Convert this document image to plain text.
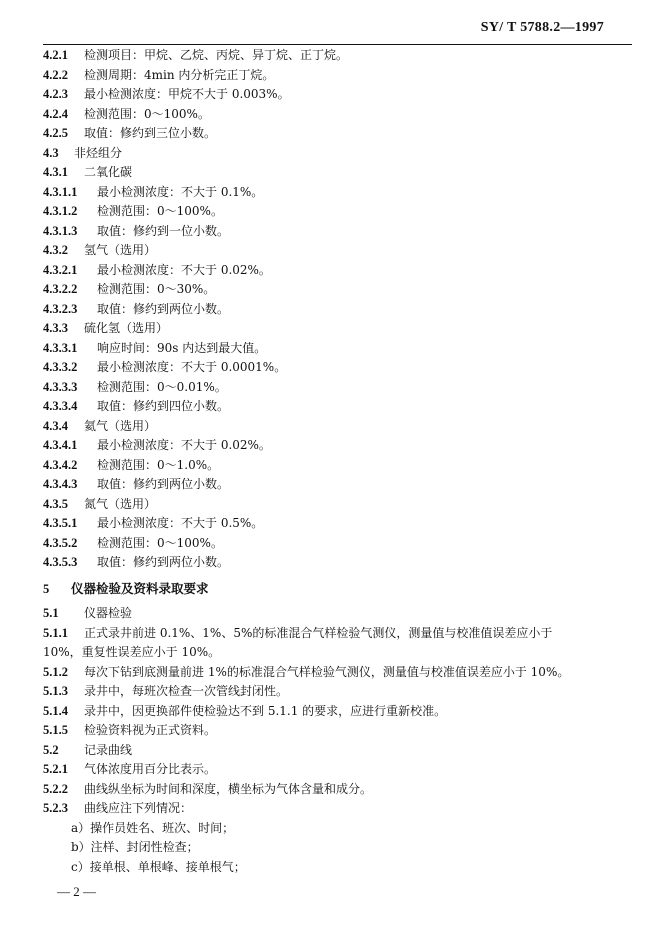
SY/ T 5788.2—1997
4.2.1 检测项目：甲烷、乙烷、丙烷、异丁烷、正丁烷。
4.2.2 检测周期：4min 内分析完正丁烷。
4.2.3 最小检测浓度：甲烷不大于 0.003%。
4.2.4 检测范围：0～100%。
4.2.5 取值：修约到三位小数。
4.3 非烃组分
4.3.1 二氧化碳
4.3.1.1 最小检测浓度：不大于 0.1%。
4.3.1.2 检测范围：0～100%。
4.3.1.3 取值：修约到一位小数。
4.3.2 氢气（选用）
4.3.2.1 最小检测浓度：不大于 0.02%。
4.3.2.2 检测范围：0～30%。
4.3.2.3 取值：修约到两位小数。
4.3.3 硫化氢（选用）
4.3.3.1 响应时间：90s 内达到最大值。
4.3.3.2 最小检测浓度：不大于 0.0001%。
4.3.3.3 检测范围：0～0.01%。
4.3.3.4 取值：修约到四位小数。
4.3.4 氦气（选用）
4.3.4.1 最小检测浓度：不大于 0.02%。
4.3.4.2 检测范围：0～1.0%。
4.3.4.3 取值：修约到两位小数。
4.3.5 氮气（选用）
4.3.5.1 最小检测浓度：不大于 0.5%。
4.3.5.2 检测范围：0～100%。
4.3.5.3 取值：修约到两位小数。
5 仪器检验及资料录取要求
5.1 仪器检验
5.1.1 正式录井前进 0.1%、1%、5%的标准混合气样检验气测仪，测量值与校准值误差应小于
10%，重复性误差应小于 10%。
5.1.2 每次下钻到底测量前进 1%的标准混合气样检验气测仪，测量值与校准值误差应小于 10%。
5.1.3 录井中，每班次检查一次管线封闭性。
5.1.4 录井中，因更换部件使检验达不到 5.1.1 的要求，应进行重新校准。
5.1.5 检验资料视为正式资料。
5.2 记录曲线
5.2.1 气体浓度用百分比表示。
5.2.2 曲线纵坐标为时间和深度，横坐标为气体含量和成分。
5.2.3 曲线应注下列情况：
a）操作员姓名、班次、时间；
b）注样、封闭性检查；
c）接单根、单根峰、接单根气；
— 2 —
